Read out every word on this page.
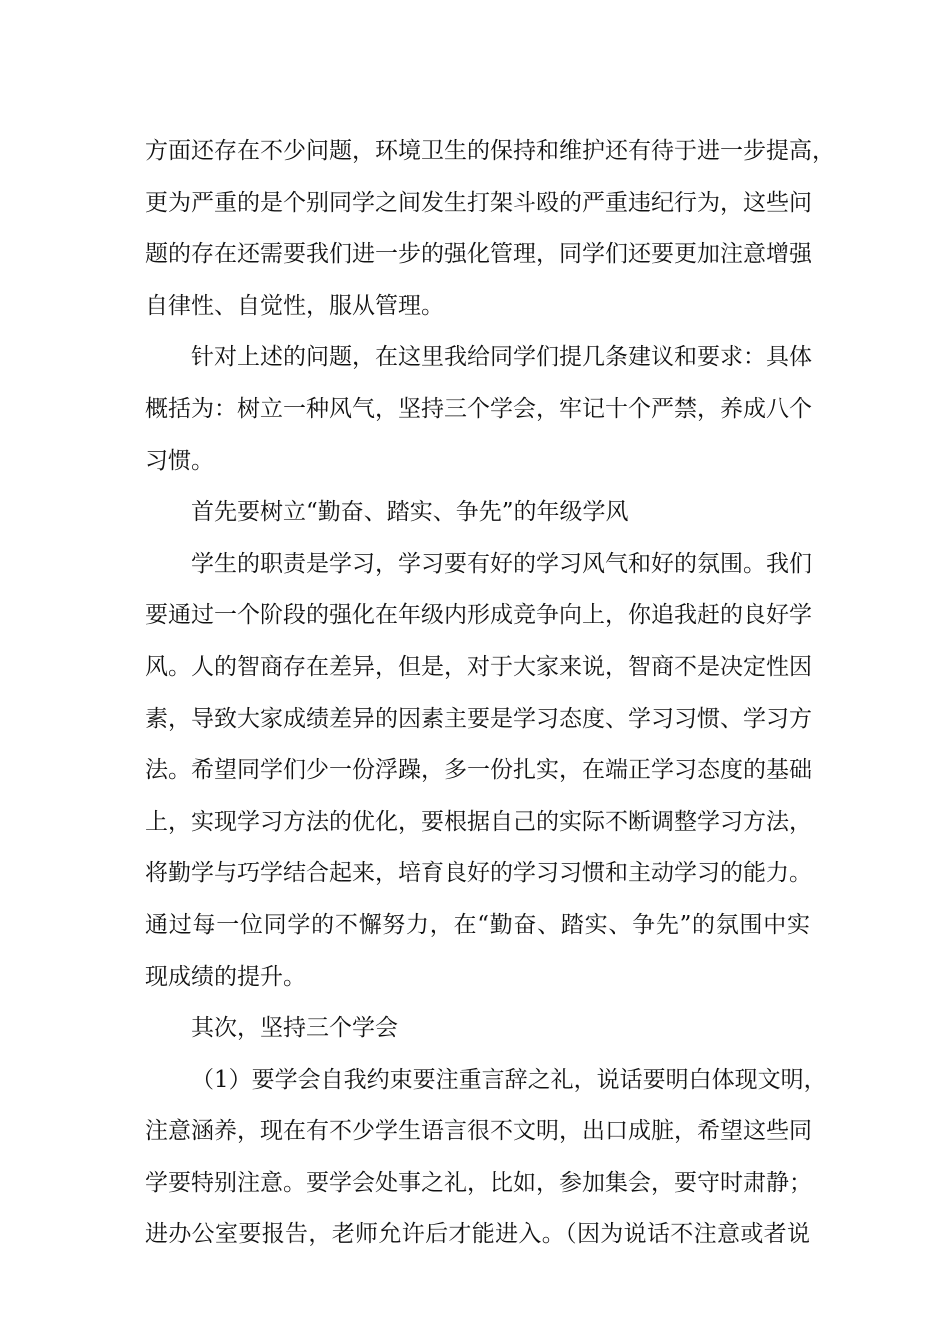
方面还存在不少问题，环境卫生的保持和维护还有待于进一步提高，
更为严重的是个别同学之间发生打架斗殴的严重违纪行为，这些问
题的存在还需要我们进一步的强化管理，同学们还要更加注意增强
自律性、自觉性，服从管理。
针对上述的问题，在这里我给同学们提几条建议和要求：具体
概括为：树立一种风气，坚持三个学会，牢记十个严禁，养成八个
习惯。
首先要树立“勤奋、踏实、争先”的年级学风
学生的职责是学习，学习要有好的学习风气和好的氛围。我们
要通过一个阶段的强化在年级内形成竞争向上，你追我赶的良好学
风。人的智商存在差异，但是，对于大家来说，智商不是决定性因
素，导致大家成绩差异的因素主要是学习态度、学习习惯、学习方
法。希望同学们少一份浮躁，多一份扎实，在端正学习态度的基础
上，实现学习方法的优化，要根据自己的实际不断调整学习方法，
将勤学与巧学结合起来，培育良好的学习习惯和主动学习的能力。
通过每一位同学的不懈努力，在“勤奋、踏实、争先”的氛围中实
现成绩的提升。
其次，坚持三个学会
（1）要学会自我约束要注重言辞之礼，说话要明白体现文明，
注意涵养，现在有不少学生语言很不文明，出口成脏，希望这些同
学要特别注意。要学会处事之礼，比如，参加集会，要守时肃静；
进办公室要报告，老师允许后才能进入。（因为说话不注意或者说
